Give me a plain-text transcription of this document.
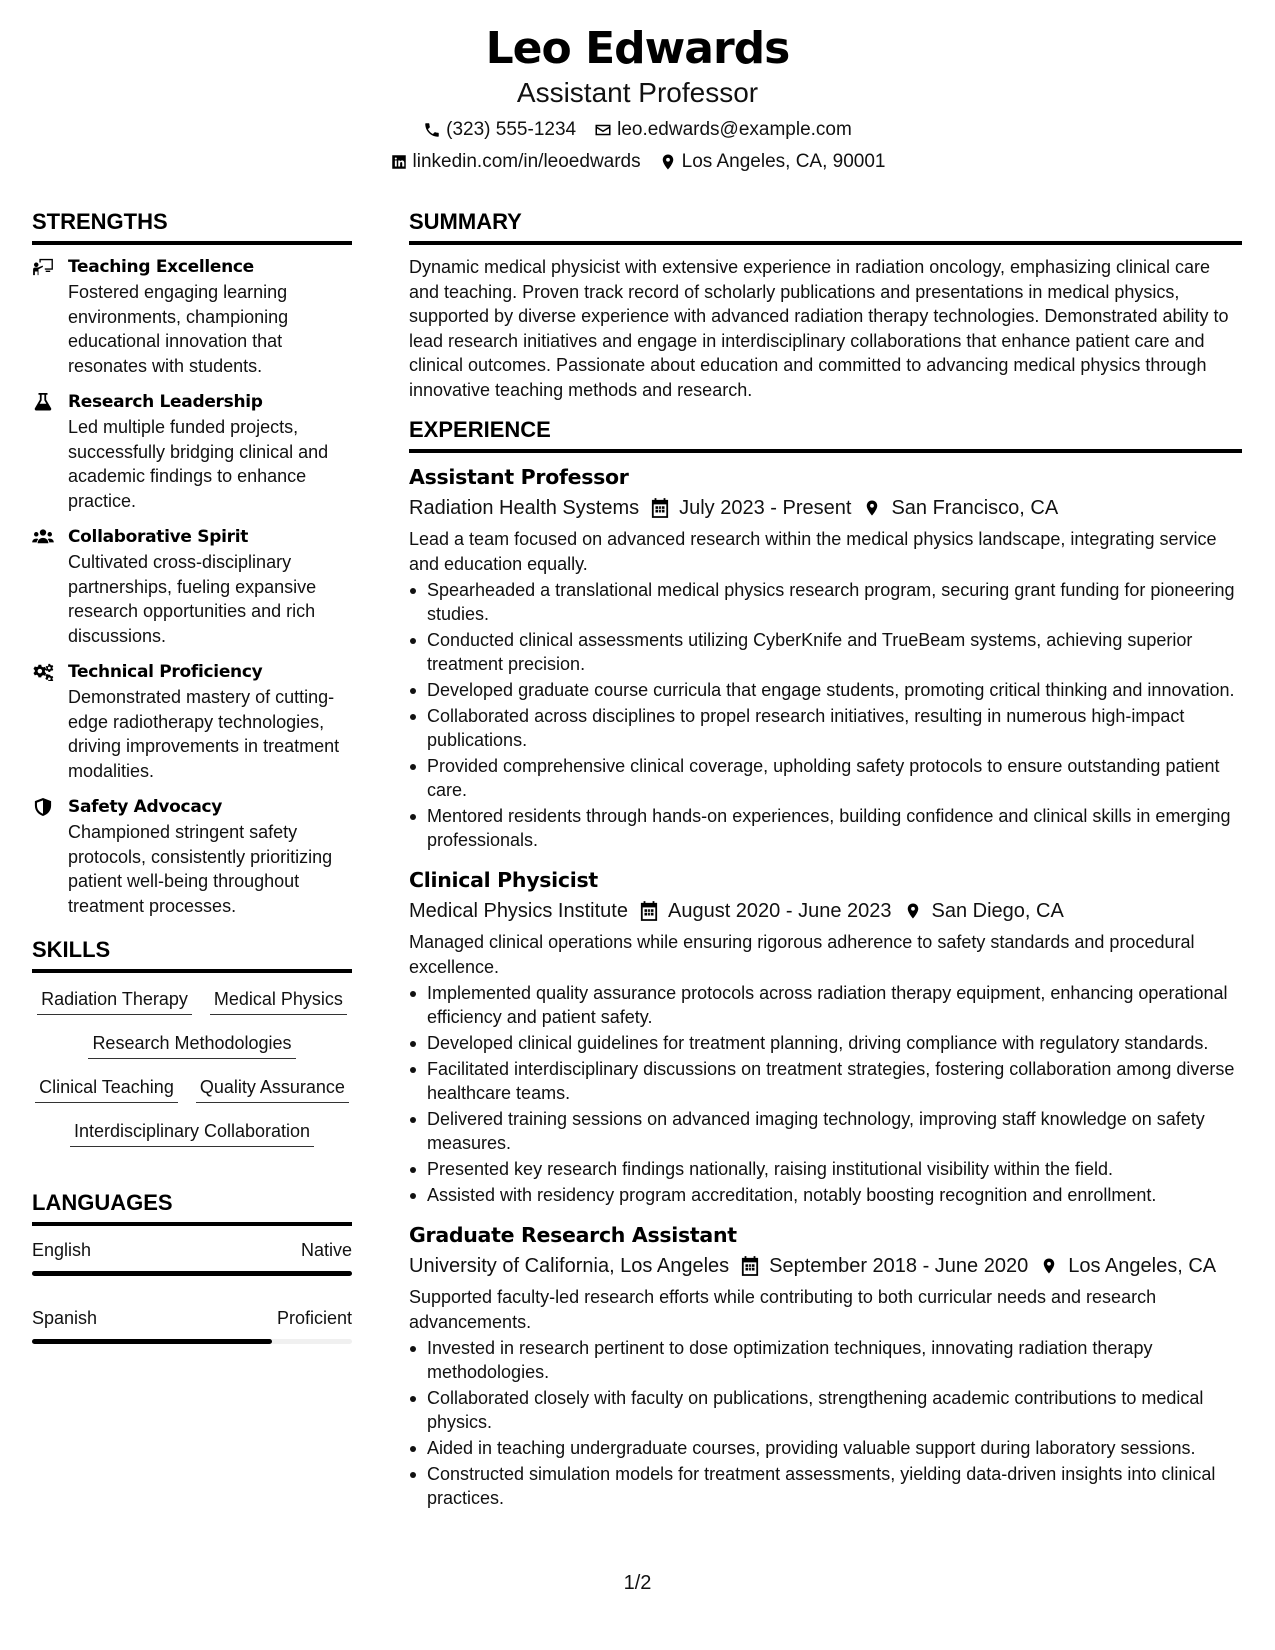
Leo Edwards
Assistant Professor
(323) 555-1234 leo.edwards@example.com
linkedin.com/in/leoedwards Los Angeles, CA, 90001
STRENGTHS
Teaching Excellence
Fostered engaging learning environments, championing educational innovation that resonates with students.
Research Leadership
Led multiple funded projects, successfully bridging clinical and academic findings to enhance practice.
Collaborative Spirit
Cultivated cross-disciplinary partnerships, fueling expansive research opportunities and rich discussions.
Technical Proficiency
Demonstrated mastery of cutting-edge radiotherapy technologies, driving improvements in treatment modalities.
Safety Advocacy
Championed stringent safety protocols, consistently prioritizing patient well-being throughout treatment processes.
SKILLS
Radiation Therapy Medical Physics
Research Methodologies
Clinical Teaching Quality Assurance
Interdisciplinary Collaboration
LANGUAGES
English	Native
Spanish	Proficient
SUMMARY
Dynamic medical physicist with extensive experience in radiation oncology, emphasizing clinical care and teaching. Proven track record of scholarly publications and presentations in medical physics, supported by diverse experience with advanced radiation therapy technologies. Demonstrated ability to lead research initiatives and engage in interdisciplinary collaborations that enhance patient care and clinical outcomes. Passionate about education and committed to advancing medical physics through innovative teaching methods and research.
EXPERIENCE
Assistant Professor
Radiation Health Systems July 2023 - Present San Francisco, CA
Lead a team focused on advanced research within the medical physics landscape, integrating service and education equally.
Spearheaded a translational medical physics research program, securing grant funding for pioneering studies.
Conducted clinical assessments utilizing CyberKnife and TrueBeam systems, achieving superior treatment precision.
Developed graduate course curricula that engage students, promoting critical thinking and innovation.
Collaborated across disciplines to propel research initiatives, resulting in numerous high-impact publications.
Provided comprehensive clinical coverage, upholding safety protocols to ensure outstanding patient care.
Mentored residents through hands-on experiences, building confidence and clinical skills in emerging professionals.
Clinical Physicist
Medical Physics Institute August 2020 - June 2023 San Diego, CA
Managed clinical operations while ensuring rigorous adherence to safety standards and procedural excellence.
Implemented quality assurance protocols across radiation therapy equipment, enhancing operational efficiency and patient safety.
Developed clinical guidelines for treatment planning, driving compliance with regulatory standards.
Facilitated interdisciplinary discussions on treatment strategies, fostering collaboration among diverse healthcare teams.
Delivered training sessions on advanced imaging technology, improving staff knowledge on safety measures.
Presented key research findings nationally, raising institutional visibility within the field.
Assisted with residency program accreditation, notably boosting recognition and enrollment.
Graduate Research Assistant
University of California, Los Angeles September 2018 - June 2020 Los Angeles, CA
Supported faculty-led research efforts while contributing to both curricular needs and research advancements.
Invested in research pertinent to dose optimization techniques, innovating radiation therapy methodologies.
Collaborated closely with faculty on publications, strengthening academic contributions to medical physics.
Aided in teaching undergraduate courses, providing valuable support during laboratory sessions.
Constructed simulation models for treatment assessments, yielding data-driven insights into clinical practices.
1/2
